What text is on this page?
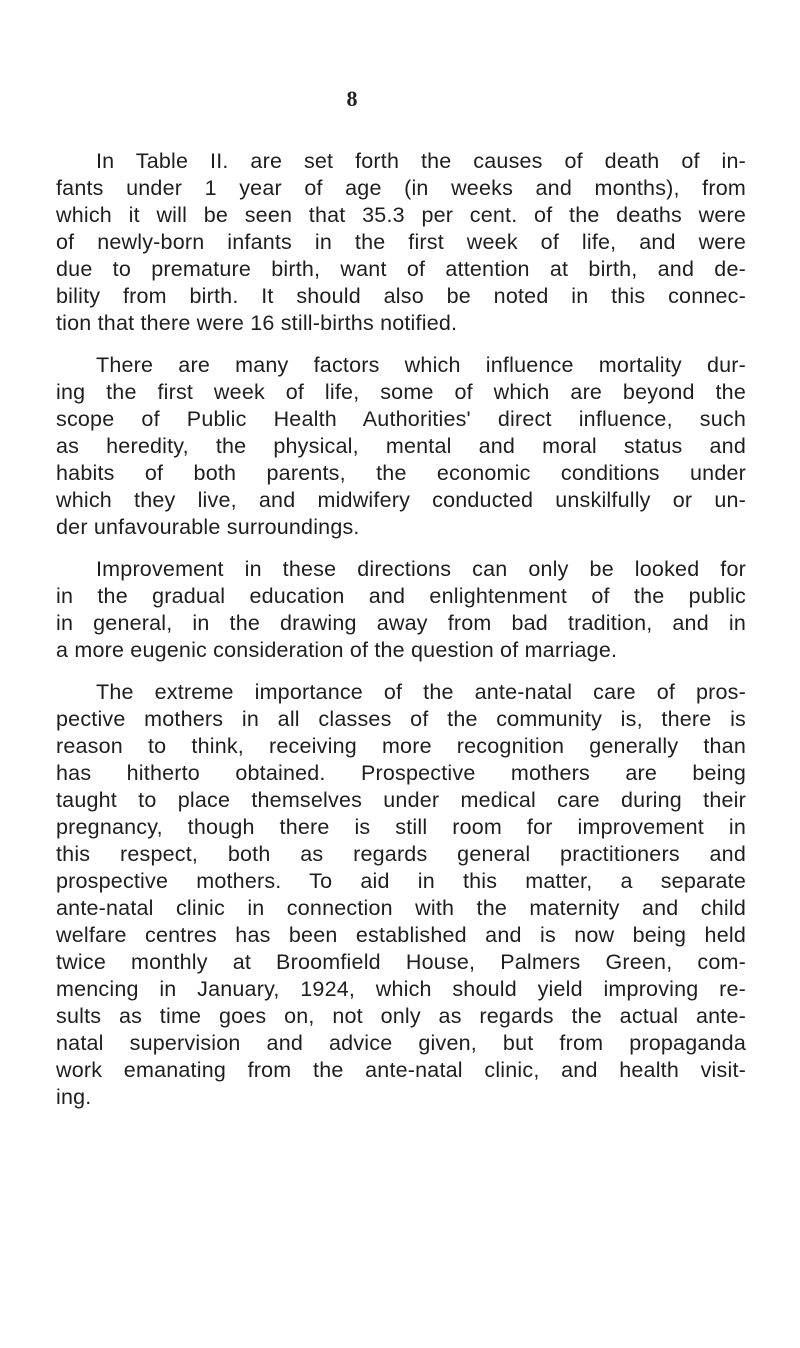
8
In Table II. are set forth the causes of death of in-
fants under 1 year of age (in weeks and months), from
which it will be seen that 35.3 per cent. of the deaths were
of newly-born infants in the first week of life, and were
due to premature birth, want of attention at birth, and de-
bility from birth. It should also be noted in this connec-
tion that there were 16 still-births notified.
There are many factors which influence mortality dur-
ing the first week of life, some of which are beyond the
scope of Public Health Authorities' direct influence, such
as heredity, the physical, mental and moral status and
habits of both parents, the economic conditions under
which they live, and midwifery conducted unskilfully or un-
der unfavourable surroundings.
Improvement in these directions can only be looked for
in the gradual education and enlightenment of the public
in general, in the drawing away from bad tradition, and in
a more eugenic consideration of the question of marriage.
The extreme importance of the ante-natal care of pros-
pective mothers in all classes of the community is, there is
reason to think, receiving more recognition generally than
has hitherto obtained. Prospective mothers are being
taught to place themselves under medical care during their
pregnancy, though there is still room for improvement in
this respect, both as regards general practitioners and
prospective mothers. To aid in this matter, a separate
ante-natal clinic in connection with the maternity and child
welfare centres has been established and is now being held
twice monthly at Broomfield House, Palmers Green, com-
mencing in January, 1924, which should yield improving re-
sults as time goes on, not only as regards the actual ante-
natal supervision and advice given, but from propaganda
work emanating from the ante-natal clinic, and health visit-
ing.
